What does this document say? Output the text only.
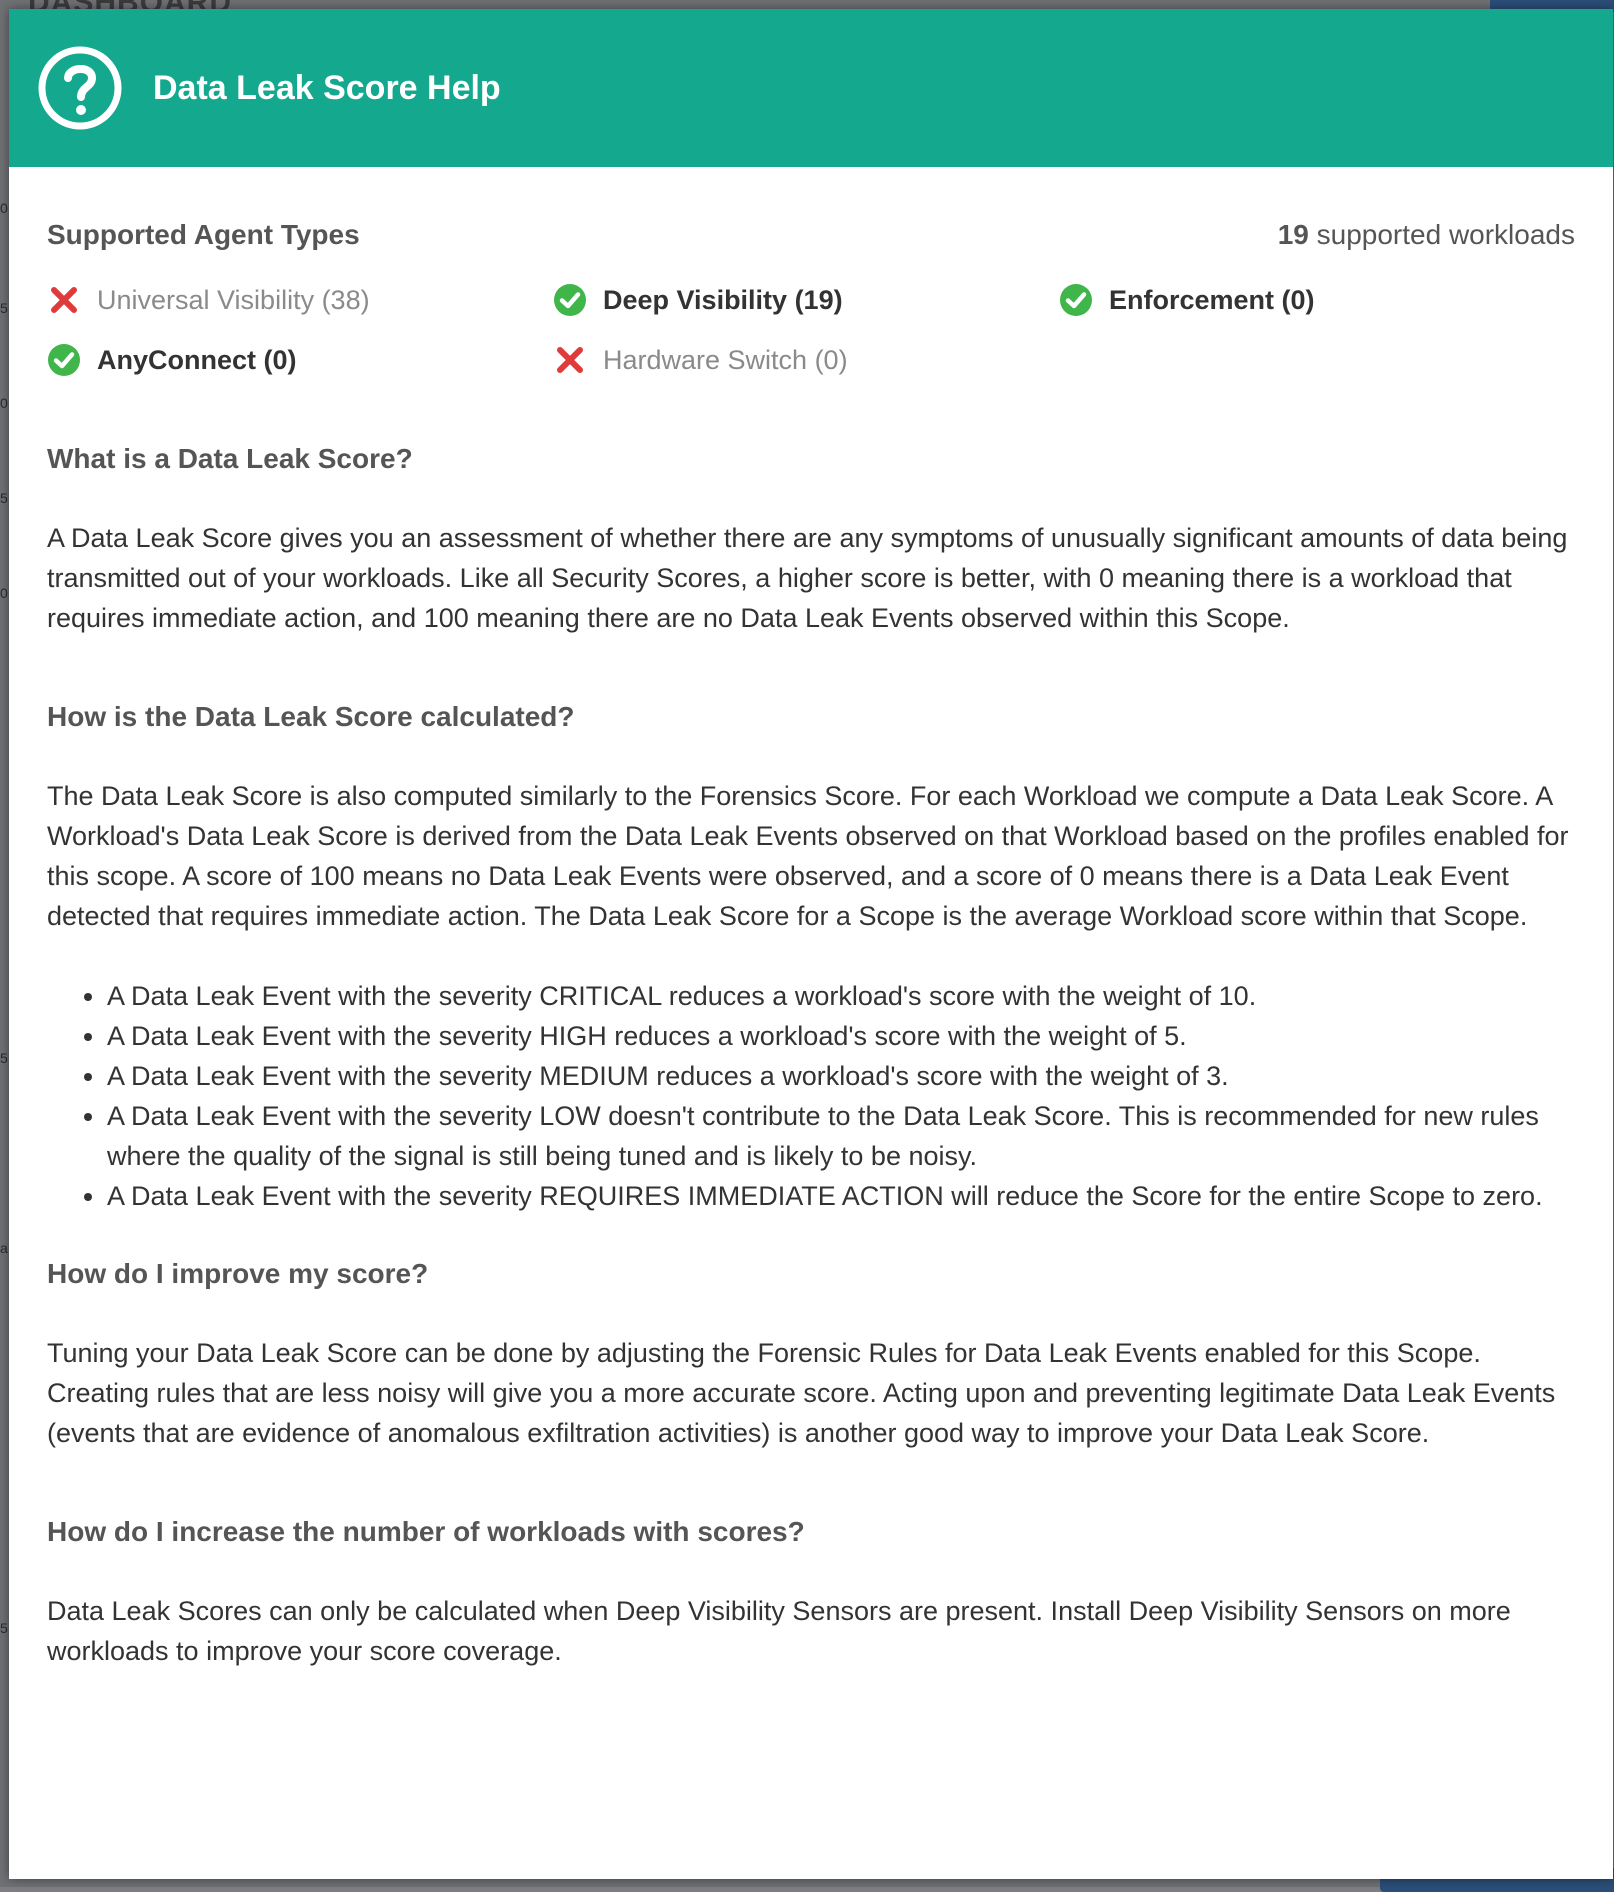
0
5
0
5
0
5
a
5
Data Leak Score Help
Supported Agent Types	19 supported workloads
Universal Visibility (38)	Deep Visibility (19)	Enforcement (0)
AnyConnect (0)	Hardware Switch (0)
What is a Data Leak Score?

A Data Leak Score gives you an assessment of whether there are any symptoms of unusually significant amounts of data being transmitted out of your workloads. Like all Security Scores, a higher score is better, with 0 meaning there is a workload that requires immediate action, and 100 meaning there are no Data Leak Events observed within this Scope.

How is the Data Leak Score calculated?

The Data Leak Score is also computed similarly to the Forensics Score. For each Workload we compute a Data Leak Score. A Workload's Data Leak Score is derived from the Data Leak Events observed on that Workload based on the profiles enabled for this scope. A score of 100 means no Data Leak Events were observed, and a score of 0 means there is a Data Leak Event detected that requires immediate action. The Data Leak Score for a Scope is the average Workload score within that Scope.

• A Data Leak Event with the severity CRITICAL reduces a workload's score with the weight of 10.
• A Data Leak Event with the severity HIGH reduces a workload's score with the weight of 5.
• A Data Leak Event with the severity MEDIUM reduces a workload's score with the weight of 3.
• A Data Leak Event with the severity LOW doesn't contribute to the Data Leak Score. This is recommended for new rules where the quality of the signal is still being tuned and is likely to be noisy.
• A Data Leak Event with the severity REQUIRES IMMEDIATE ACTION will reduce the Score for the entire Scope to zero.
How do I improve my score?

Tuning your Data Leak Score can be done by adjusting the Forensic Rules for Data Leak Events enabled for this Scope. Creating rules that are less noisy will give you a more accurate score. Acting upon and preventing legitimate Data Leak Events (events that are evidence of anomalous exfiltration activities) is another good way to improve your Data Leak Score.

How do I increase the number of workloads with scores?

Data Leak Scores can only be calculated when Deep Visibility Sensors are present. Install Deep Visibility Sensors on more workloads to improve your score coverage.
